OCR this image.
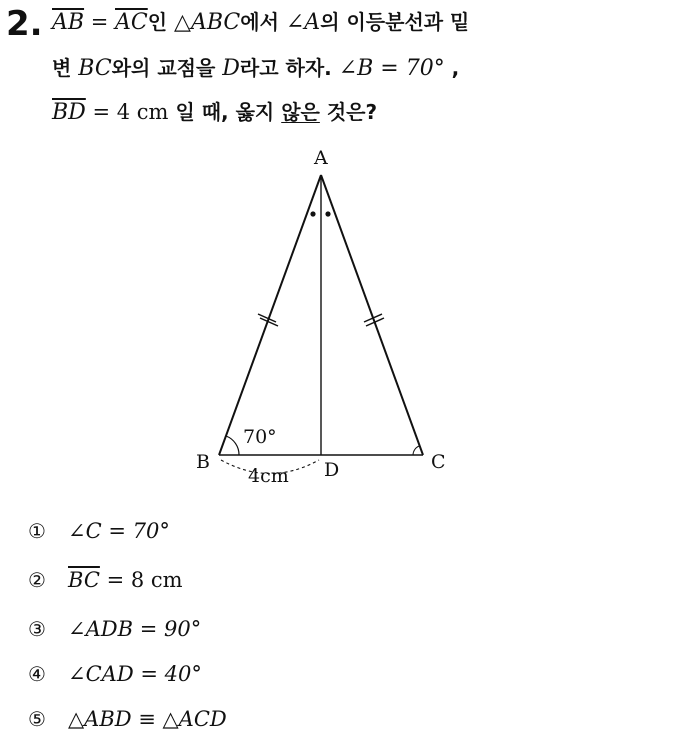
2. $\overline{AB} = \overline{AC}$인 △ABC에서 ∠A의 이등분선과 밑
변 BC와의 교점을 D라고 하자. ∠B = 70° ,
$\overline{BD} = 4$ cm 일 때, 옳지 않은 것은?
A
B	C
D
70°
4cm
① ∠C = 70°
② $\overline{BC} = 8$ cm
③ ∠ADB = 90°
④ ∠CAD = 40°
⑤ △ABD ≡ △ACD
